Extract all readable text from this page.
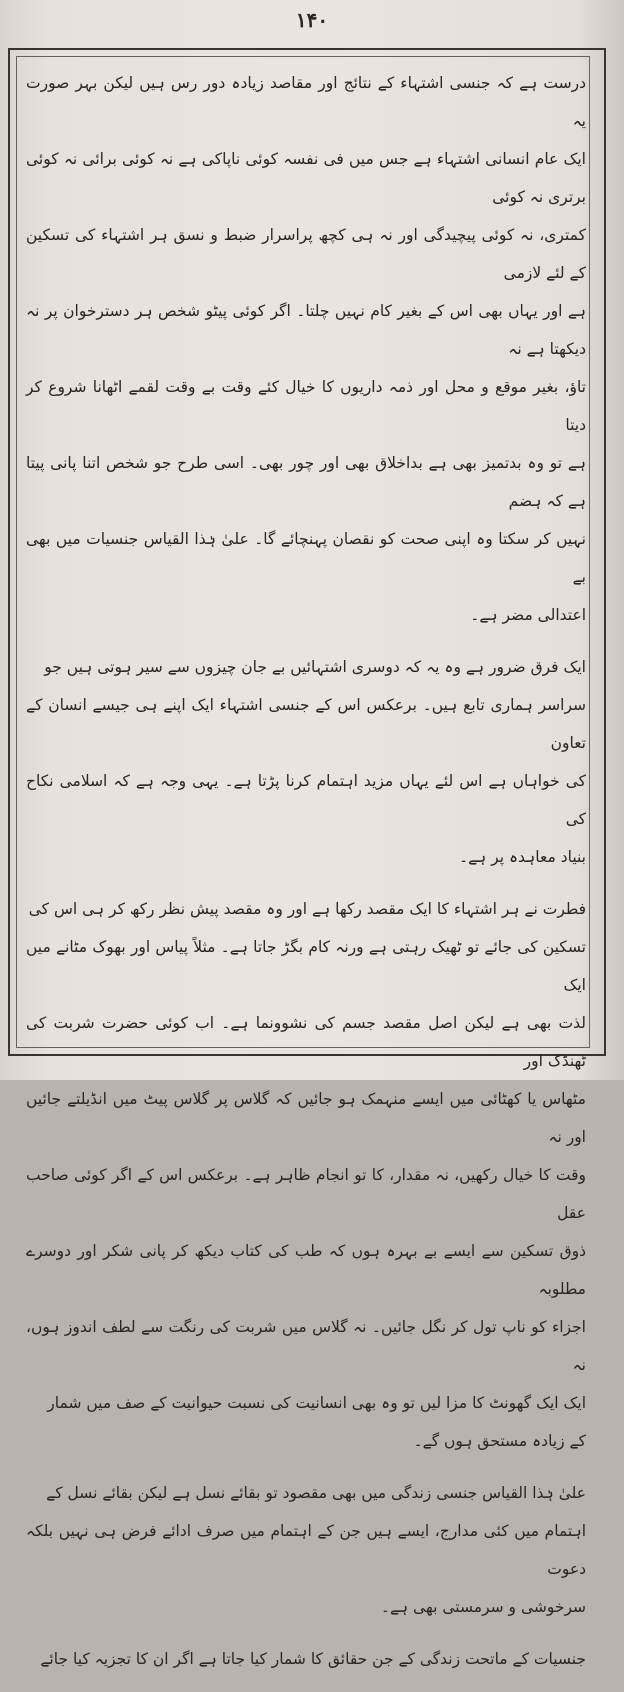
۱۴۰
درست ہے کہ جنسی اشتہاء کے نتائج اور مقاصد زیادہ دور رس ہیں لیکن بہر صورت یہ
ایک عام انسانی اشتہاء ہے جس میں فی نفسہ کوئی ناپاکی ہے نہ کوئی برائی نہ کوئی برتری نہ کوئی
کمتری، نہ کوئی پیچیدگی اور نہ ہی کچھ پراسرار ضبط و نسق ہر اشتہاء کی تسکین کے لئے لازمی
ہے اور یہاں بھی اس کے بغیر کام نہیں چلتا۔ اگر کوئی پیٹو شخص ہر دسترخوان پر نہ دیکھتا ہے نہ
تاؤ، بغیر موقع و محل اور ذمہ داریوں کا خیال کئے وقت بے وقت لقمے اٹھانا شروع کر دیتا
ہے تو وہ بدتمیز بھی ہے بداخلاق بھی اور چور بھی۔ اسی طرح جو شخص اتنا پانی پیتا ہے کہ ہضم
نہیں کر سکتا وہ اپنی صحت کو نقصان پہنچائے گا۔ علیٰ ہٰذا القیاس جنسیات میں بھی بے
اعتدالی مضر ہے۔
ایک فرق ضرور ہے وہ یہ کہ دوسری اشتہائیں بے جان چیزوں سے سیر ہوتی ہیں جو
سراسر ہماری تابع ہیں۔ برعکس اس کے جنسی اشتہاء ایک اپنے ہی جیسے انسان کے تعاون
کی خواہاں ہے اس لئے یہاں مزید اہتمام کرنا پڑتا ہے۔ یہی وجہ ہے کہ اسلامی نکاح کی
بنیاد معاہدہ پر ہے۔
فطرت نے ہر اشتہاء کا ایک مقصد رکھا ہے اور وہ مقصد پیش نظر رکھ کر ہی اس کی
تسکین کی جائے تو ٹھیک رہتی ہے ورنہ کام بگڑ جاتا ہے۔ مثلاً پیاس اور بھوک مٹانے میں ایک
لذت بھی ہے لیکن اصل مقصد جسم کی نشوونما ہے۔ اب کوئی حضرت شربت کی ٹھنڈک اور
مٹھاس یا کھٹائی میں ایسے منہمک ہو جائیں کہ گلاس پر گلاس پیٹ میں انڈیلتے جائیں اور نہ
وقت کا خیال رکھیں، نہ مقدار، کا تو انجام ظاہر ہے۔ برعکس اس کے اگر کوئی صاحب عقل
ذوق تسکین سے ایسے بے بہرہ ہوں کہ طب کی کتاب دیکھ کر پانی شکر اور دوسرے مطلوبہ
اجزاء کو ناپ تول کر نگل جائیں۔ نہ گلاس میں شربت کی رنگت سے لطف اندوز ہوں، نہ
ایک ایک گھونٹ کا مزا لیں تو وہ بھی انسانیت کی نسبت حیوانیت کے صف میں شمار
کے زیادہ مستحق ہوں گے۔
علیٰ ہٰذا القیاس جنسی زندگی میں بھی مقصود تو بقائے نسل ہے لیکن بقائے نسل کے
اہتمام میں کئی مدارج، ایسے ہیں جن کے اہتمام میں صرف ادائے فرض ہی نہیں بلکہ دعوت
سرخوشی و سرمستی بھی ہے۔
جنسیات کے ماتحت زندگی کے جن حقائق کا شمار کیا جاتا ہے اگر ان کا تجزیہ کیا جائے
